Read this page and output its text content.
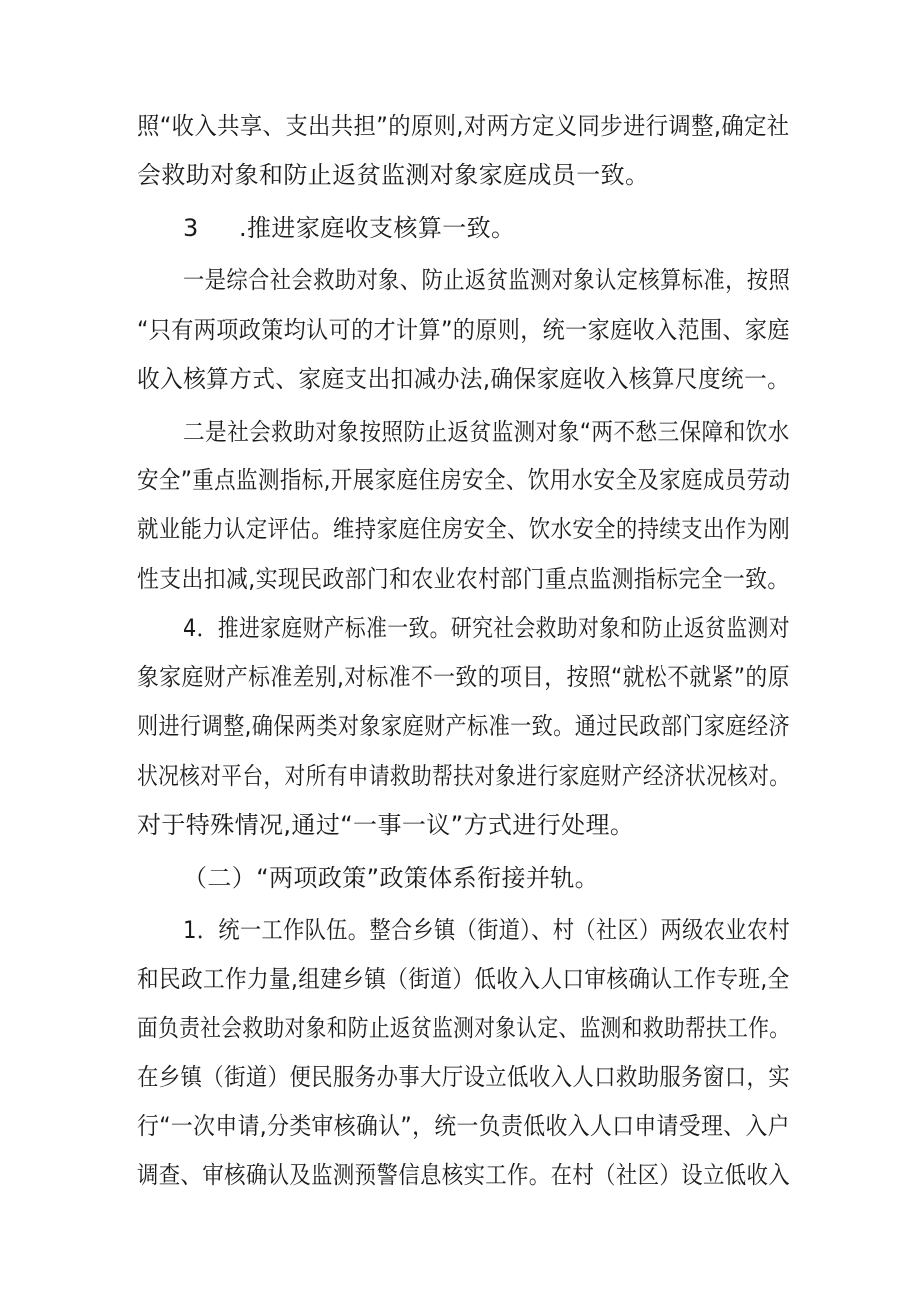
照“收入共享、支出共担”的原则,对两方定义同步进行调整,确定社
会救助对象和防止返贫监测对象家庭成员一致。
3 .推进家庭收支核算一致。
一是综合社会救助对象、防止返贫监测对象认定核算标准，按照
“只有两项政策均认可的才计算”的原则，统一家庭收入范围、家庭
收入核算方式、家庭支出扣减办法,确保家庭收入核算尺度统一。
二是社会救助对象按照防止返贫监测对象“两不愁三保障和饮水
安全”重点监测指标,开展家庭住房安全、饮用水安全及家庭成员劳动
就业能力认定评估。维持家庭住房安全、饮水安全的持续支出作为刚
性支出扣减,实现民政部门和农业农村部门重点监测指标完全一致。
4．推进家庭财产标准一致。研究社会救助对象和防止返贫监测对
象家庭财产标准差别,对标准不一致的项目，按照“就松不就紧”的原
则进行调整,确保两类对象家庭财产标准一致。通过民政部门家庭经济
状况核对平台，对所有申请救助帮扶对象进行家庭财产经济状况核对。
对于特殊情况,通过“一事一议”方式进行处理。
（二）“两项政策”政策体系衔接并轨。
1．统一工作队伍。整合乡镇（街道）、村（社区）两级农业农村
和民政工作力量,组建乡镇（街道）低收入人口审核确认工作专班,全
面负责社会救助对象和防止返贫监测对象认定、监测和救助帮扶工作。
在乡镇（街道）便民服务办事大厅设立低收入人口救助服务窗口，实
行“一次申请,分类审核确认”，统一负责低收入人口申请受理、入户
调查、审核确认及监测预警信息核实工作。在村（社区）设立低收入
